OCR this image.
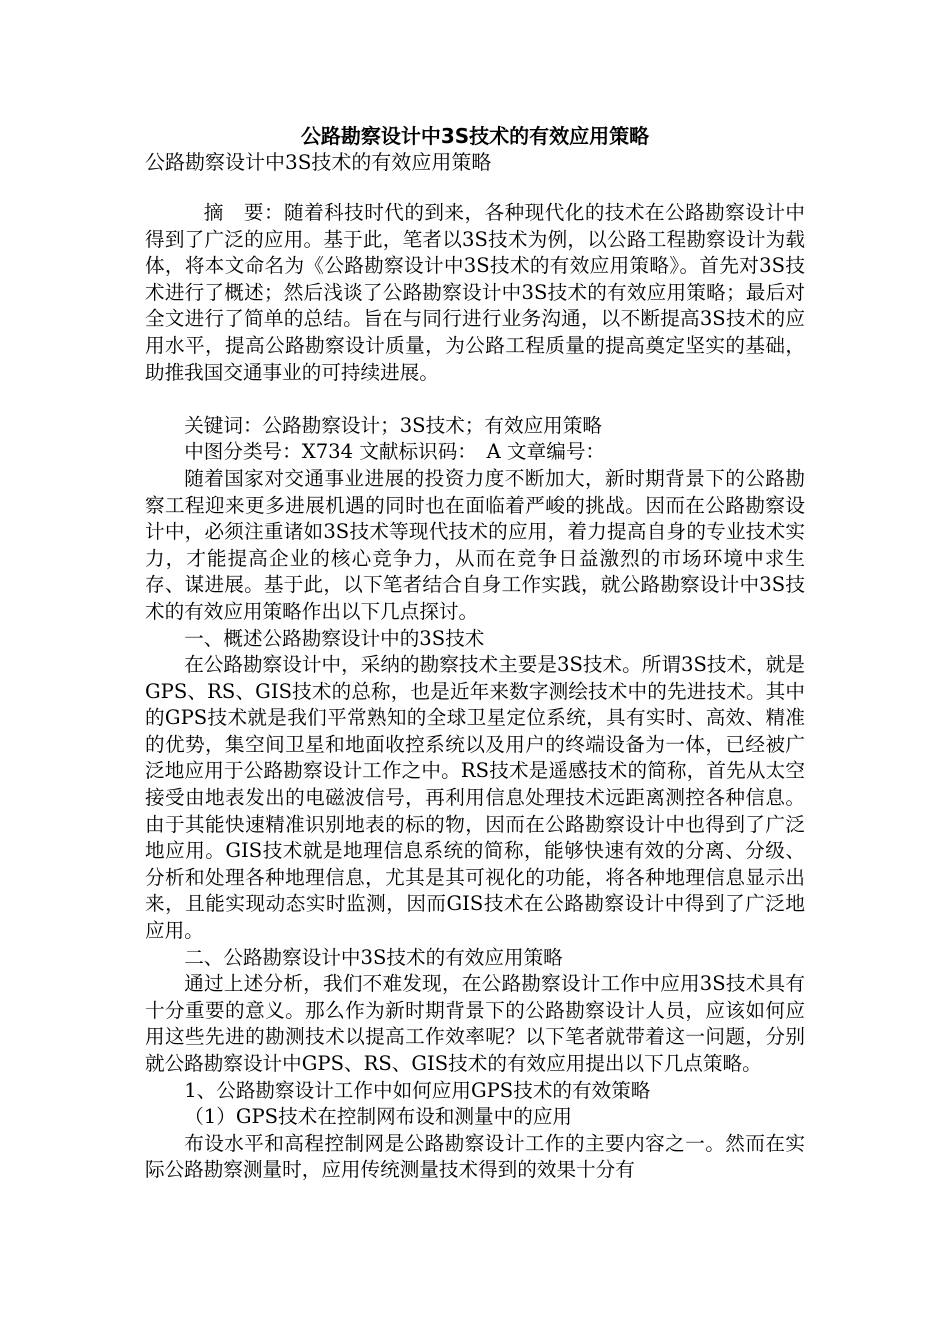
公路勘察设计中3S技术的有效应用策略
公路勘察设计中3S技术的有效应用策略

摘　要：随着科技时代的到来，各种现代化的技术在公路勘察设计中得到了广泛的应用。基于此，笔者以3S技术为例，以公路工程勘察设计为载体，将本文命名为《公路勘察设计中3S技术的有效应用策略》。首先对3S技术进行了概述；然后浅谈了公路勘察设计中3S技术的有效应用策略；最后对全文进行了简单的总结。旨在与同行进行业务沟通，以不断提高3S技术的应用水平，提高公路勘察设计质量，为公路工程质量的提高奠定坚实的基础，助推我国交通事业的可持续进展。

关键词：公路勘察设计；3S技术；有效应用策略

中图分类号：X734 文献标识码：　A 文章编号：

随着国家对交通事业进展的投资力度不断加大，新时期背景下的公路勘察工程迎来更多进展机遇的同时也在面临着严峻的挑战。因而在公路勘察设计中，必须注重诸如3S技术等现代技术的应用，着力提高自身的专业技术实力，才能提高企业的核心竞争力，从而在竞争日益激烈的市场环境中求生存、谋进展。基于此，以下笔者结合自身工作实践，就公路勘察设计中3S技术的有效应用策略作出以下几点探讨。

一、概述公路勘察设计中的3S技术

在公路勘察设计中，采纳的勘察技术主要是3S技术。所谓3S技术，就是GPS、RS、GIS技术的总称，也是近年来数字测绘技术中的先进技术。其中的GPS技术就是我们平常熟知的全球卫星定位系统，具有实时、高效、精准的优势，集空间卫星和地面收控系统以及用户的终端设备为一体，已经被广泛地应用于公路勘察设计工作之中。RS技术是遥感技术的简称，首先从太空接受由地表发出的电磁波信号，再利用信息处理技术远距离测控各种信息。由于其能快速精准识别地表的标的物，因而在公路勘察设计中也得到了广泛地应用。GIS技术就是地理信息系统的简称，能够快速有效的分离、分级、分析和处理各种地理信息，尤其是其可视化的功能，将各种地理信息显示出来，且能实现动态实时监测，因而GIS技术在公路勘察设计中得到了广泛地应用。

二、公路勘察设计中3S技术的有效应用策略

通过上述分析，我们不难发现，在公路勘察设计工作中应用3S技术具有十分重要的意义。那么作为新时期背景下的公路勘察设计人员，应该如何应用这些先进的勘测技术以提高工作效率呢？以下笔者就带着这一问题，分别就公路勘察设计中GPS、RS、GIS技术的有效应用提出以下几点策略。

1、公路勘察设计工作中如何应用GPS技术的有效策略

（1）GPS技术在控制网布设和测量中的应用

布设水平和高程控制网是公路勘察设计工作的主要内容之一。然而在实际公路勘察测量时，应用传统测量技术得到的效果十分有
